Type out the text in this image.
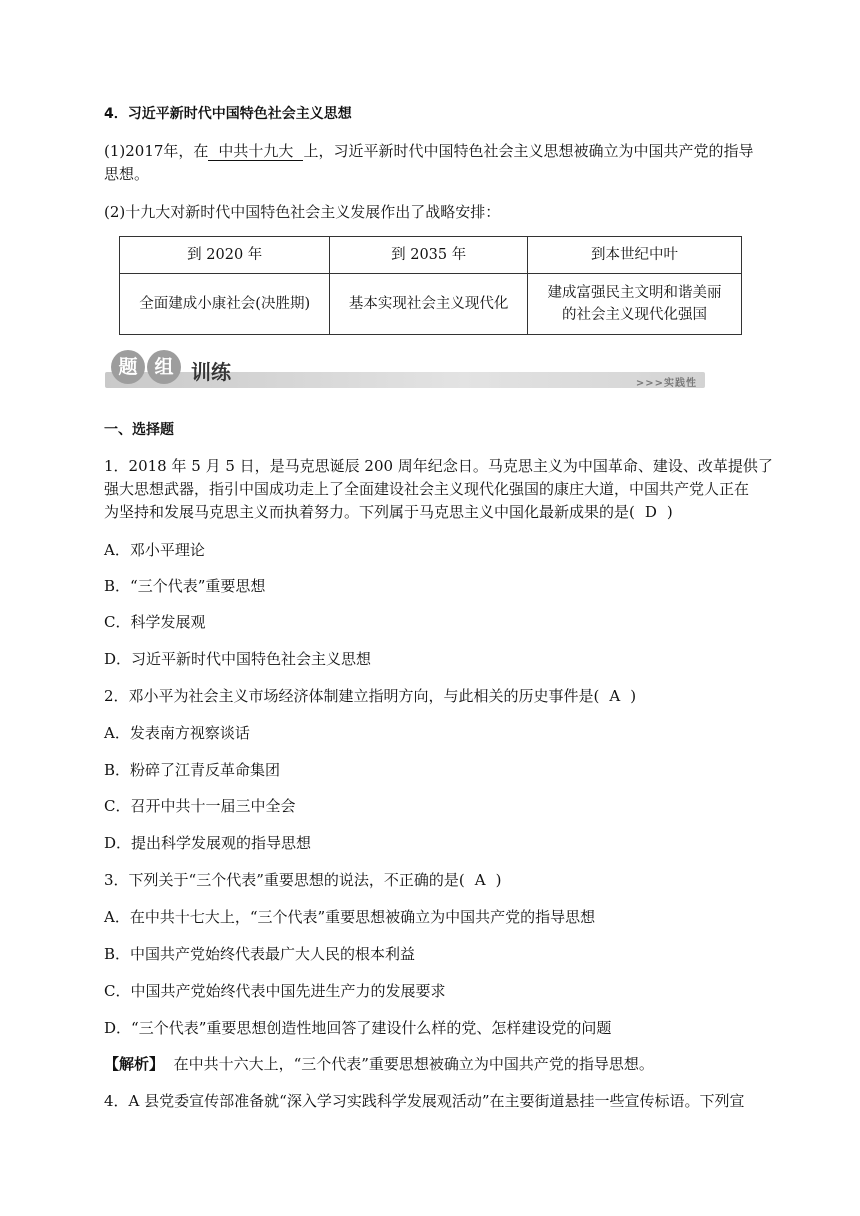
4．习近平新时代中国特色社会主义思想
(1)2017年，在 中共十九大 上，习近平新时代中国特色社会主义思想被确立为中国共产党的指导
思想。
(2)十九大对新时代中国特色社会主义发展作出了战略安排：
到 2020 年	到 2035 年	到本世纪中叶
全面建成小康社会(决胜期)	基本实现社会主义现代化	建成富强民主文明和谐美丽
的社会主义现代化强国
题 组 训练	>>>实践性
一、选择题
1．2018 年 5 月 5 日，是马克思诞辰 200 周年纪念日。马克思主义为中国革命、建设、改革提供了
强大思想武器，指引中国成功走上了全面建设社会主义现代化强国的康庄大道，中国共产党人正在
为坚持和发展马克思主义而执着努力。下列属于马克思主义中国化最新成果的是( D )
A．邓小平理论
B．“三个代表”重要思想
C．科学发展观
D．习近平新时代中国特色社会主义思想
2．邓小平为社会主义市场经济体制建立指明方向，与此相关的历史事件是( A )
A．发表南方视察谈话
B．粉碎了江青反革命集团
C．召开中共十一届三中全会
D．提出科学发展观的指导思想
3．下列关于“三个代表”重要思想的说法，不正确的是( A )
A．在中共十七大上，“三个代表”重要思想被确立为中国共产党的指导思想
B．中国共产党始终代表最广大人民的根本利益
C．中国共产党始终代表中国先进生产力的发展要求
D．“三个代表”重要思想创造性地回答了建设什么样的党、怎样建设党的问题
【解析】 在中共十六大上，“三个代表”重要思想被确立为中国共产党的指导思想。
4．A 县党委宣传部准备就“深入学习实践科学发展观活动”在主要街道悬挂一些宣传标语。下列宣
